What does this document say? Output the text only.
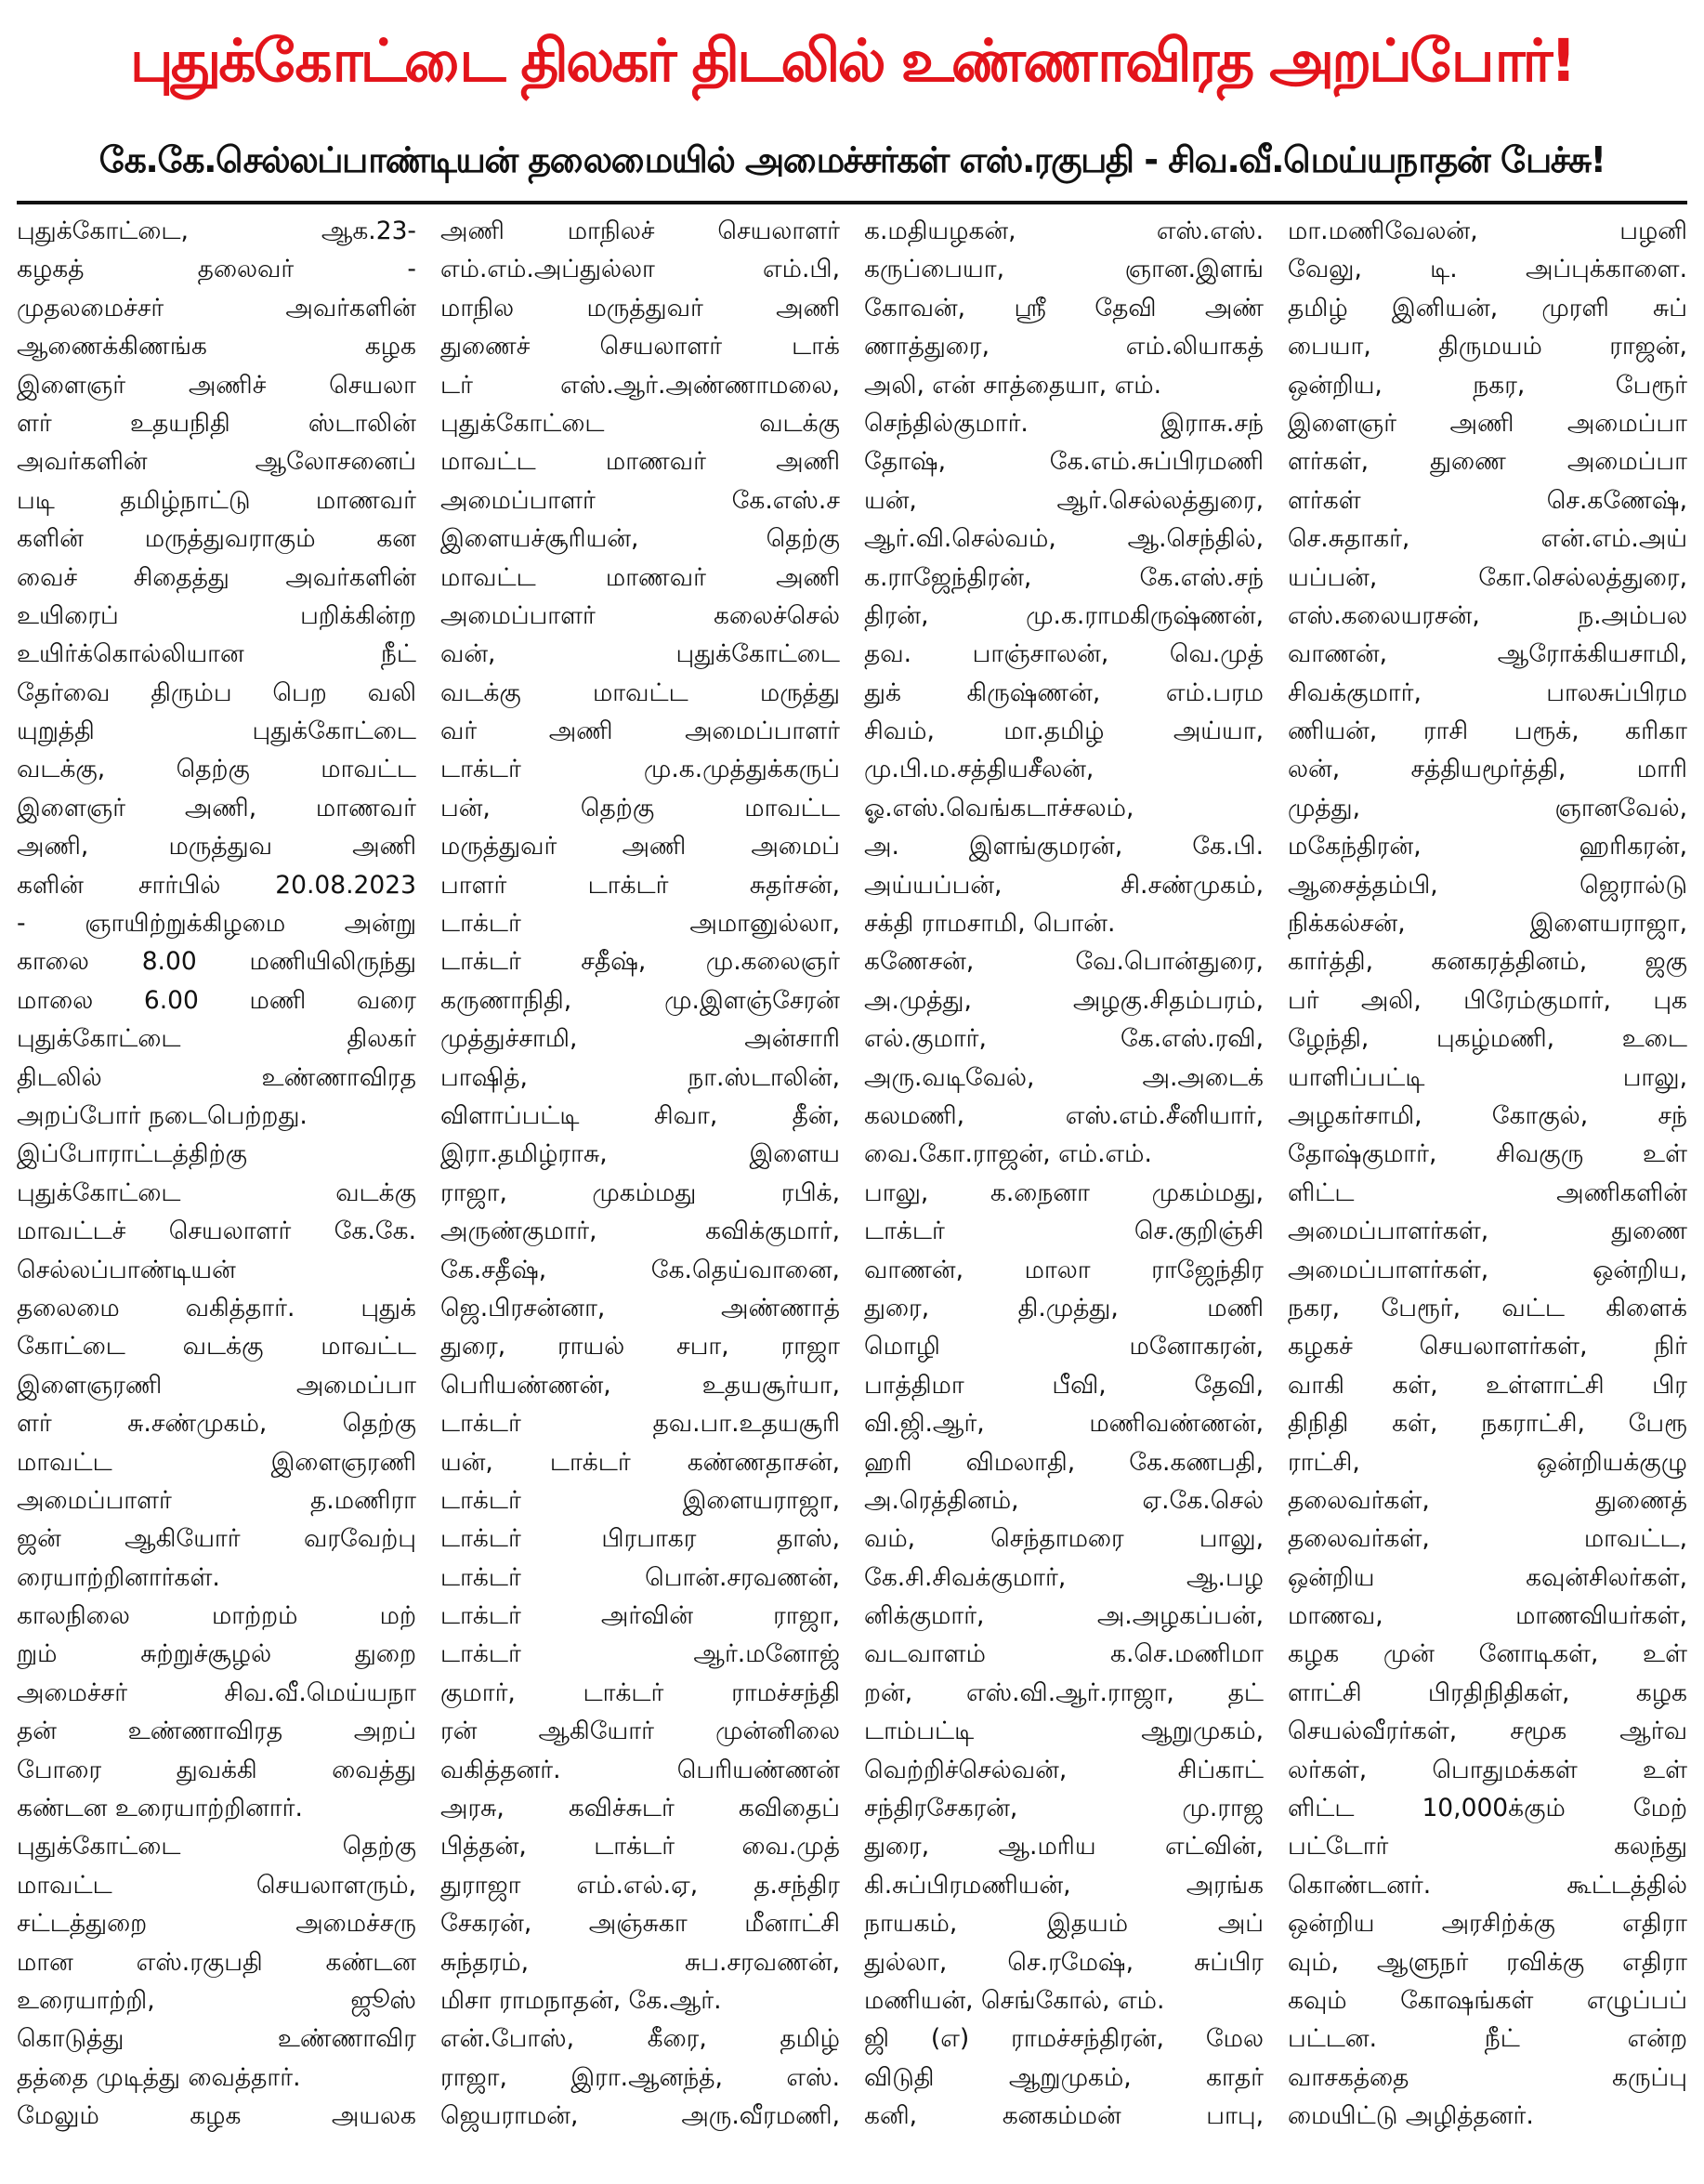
புதுக்கோட்டை திலகர் திடலில் உண்ணாவிரத அறப்போர்!
கே.கே.செல்லப்பாண்டியன் தலைமையில் அமைச்சர்கள் எஸ்.ரகுபதி - சிவ.வீ.மெய்யநாதன் பேச்சு!
புதுக்கோட்டை, ஆக.23-
கழகத் தலைவர் -
முதலமைச்சர் அவர்களின்
ஆணைக்கிணங்க கழக
இளைஞர் அணிச் செயலா
ளர் உதயநிதி ஸ்டாலின்
அவர்களின் ஆலோசனைப்
படி தமிழ்நாட்டு மாணவர்
களின் மருத்துவராகும் கன
வைச் சிதைத்து அவர்களின்
உயிரைப் பறிக்கின்ற
உயிர்க்கொல்லியான நீட்
தேர்வை திரும்ப பெற வலி
யுறுத்தி புதுக்கோட்டை
வடக்கு, தெற்கு மாவட்ட
இளைஞர் அணி, மாணவர்
அணி, மருத்துவ அணி
களின் சார்பில் 20.08.2023
- ஞாயிற்றுக்கிழமை அன்று
காலை 8.00 மணியிலிருந்து
மாலை 6.00 மணி வரை
புதுக்கோட்டை திலகர்
திடலில் உண்ணாவிரத
அறப்போர் நடைபெற்றது.
இப்போராட்டத்திற்கு
புதுக்கோட்டை வடக்கு
மாவட்டச் செயலாளர் கே.கே.
செல்லப்பாண்டியன்
தலைமை வகித்தார். புதுக்
கோட்டை வடக்கு மாவட்ட
இளைஞரணி அமைப்பா
ளர் சு.சண்முகம், தெற்கு
மாவட்ட இளைஞரணி
அமைப்பாளர் த.மணிரா
ஜன் ஆகியோர் வரவேற்பு
ரையாற்றினார்கள்.
காலநிலை மாற்றம் மற்
றும் சுற்றுச்சூழல் துறை
அமைச்சர் சிவ.வீ.மெய்யநா
தன் உண்ணாவிரத அறப்
போரை துவக்கி வைத்து
கண்டன உரையாற்றினார்.
புதுக்கோட்டை தெற்கு
மாவட்ட செயலாளரும்,
சட்டத்துறை அமைச்சரு
மான எஸ்.ரகுபதி கண்டன
உரையாற்றி, ஜூஸ்
கொடுத்து உண்ணாவிர
தத்தை முடித்து வைத்தார்.
மேலும் கழக அயலக
அணி மாநிலச் செயலாளர்
எம்.எம்.அப்துல்லா எம்.பி,
மாநில மருத்துவர் அணி
துணைச் செயலாளர் டாக்
டர் எஸ்.ஆர்.அண்ணாமலை,
புதுக்கோட்டை வடக்கு
மாவட்ட மாணவர் அணி
அமைப்பாளர் கே.எஸ்.ச
இளையச்சூரியன், தெற்கு
மாவட்ட மாணவர் அணி
அமைப்பாளர் கலைச்செல்
வன், புதுக்கோட்டை
வடக்கு மாவட்ட மருத்து
வர் அணி அமைப்பாளர்
டாக்டர் மு.க.முத்துக்கருப்
பன், தெற்கு மாவட்ட
மருத்துவர் அணி அமைப்
பாளர் டாக்டர் சுதர்சன்,
டாக்டர் அமானுல்லா,
டாக்டர் சதீஷ், மு.கலைஞர்
கருணாநிதி, மு.இளஞ்சேரன்
முத்துச்சாமி, அன்சாரி
பாஷித், நா.ஸ்டாலின்,
விளாப்பட்டி சிவா, தீன்,
இரா.தமிழ்ராசு, இளைய
ராஜா, முகம்மது ரபிக்,
அருண்குமார், கவிக்குமார்,
கே.சதீஷ், கே.தெய்வானை,
ஜெ.பிரசன்னா, அண்ணாத்
துரை, ராயல் சபா, ராஜா
பெரியண்ணன், உதயசூர்யா,
டாக்டர் தவ.பா.உதயசூரி
யன், டாக்டர் கண்ணதாசன்,
டாக்டர் இளையராஜா,
டாக்டர் பிரபாகர தாஸ்,
டாக்டர் பொன்.சரவணன்,
டாக்டர் அர்வின் ராஜா,
டாக்டர் ஆர்.மனோஜ்
குமார், டாக்டர் ராமச்சந்தி
ரன் ஆகியோர் முன்னிலை
வகித்தனர். பெரியண்ணன்
அரசு, கவிச்சுடர் கவிதைப்
பித்தன், டாக்டர் வை.முத்
துராஜா எம்.எல்.ஏ, த.சந்திர
சேகரன், அஞ்சுகா மீனாட்சி
சுந்தரம், சுப.சரவணன்,
மிசா ராமநாதன், கே.ஆர்.
என்.போஸ், கீரை, தமிழ்
ராஜா, இரா.ஆனந்த், எஸ்.
ஜெயராமன், அரு.வீரமணி,
க.மதியழகன், எஸ்.எஸ்.
கருப்பையா, ஞான.இளங்
கோவன், ஸ்ரீ தேவி அண்
ணாத்துரை, எம்.லியாகத்
அலி, என் சாத்தையா, எம்.
செந்தில்குமார். இராசு.சந்
தோஷ், கே.எம்.சுப்பிரமணி
யன், ஆர்.செல்லத்துரை,
ஆர்.வி.செல்வம், ஆ.செந்தில்,
க.ராஜேந்திரன், கே.எஸ்.சந்
திரன், மு.க.ராமகிருஷ்ணன்,
தவ. பாஞ்சாலன், வெ.முத்
துக் கிருஷ்ணன், எம்.பரம
சிவம், மா.தமிழ் அய்யா,
மு.பி.ம.சத்தியசீலன்,
ஓ.எஸ்.வெங்கடாச்சலம்,
அ. இளங்குமரன், கே.பி.
அய்யப்பன், சி.சண்முகம்,
சக்தி ராமசாமி, பொன்.
கணேசன், வே.பொன்துரை,
அ.முத்து, அழகு.சிதம்பரம்,
எல்.குமார், கே.எஸ்.ரவி,
அரு.வடிவேல், அ.அடைக்
கலமணி, எஸ்.எம்.சீனியார்,
வை.கோ.ராஜன், எம்.எம்.
பாலு, க.நைனா முகம்மது,
டாக்டர் செ.குறிஞ்சி
வாணன், மாலா ராஜேந்திர
துரை, தி.முத்து, மணி
மொழி மனோகரன்,
பாத்திமா பீவி, தேவி,
வி.ஜி.ஆர், மணிவண்ணன்,
ஹரி விமலாதி, கே.கணபதி,
அ.ரெத்தினம், ஏ.கே.செல்
வம், செந்தாமரை பாலு,
கே.சி.சிவக்குமார், ஆ.பழ
னிக்குமார், அ.அழகப்பன்,
வடவாளம் க.செ.மணிமா
றன், எஸ்.வி.ஆர்.ராஜா, தட்
டாம்பட்டி ஆறுமுகம்,
வெற்றிச்செல்வன், சிப்காட்
சந்திரசேகரன், மு.ராஜ
துரை, ஆ.மரிய எட்வின்,
கி.சுப்பிரமணியன், அரங்க
நாயகம், இதயம் அப்
துல்லா, செ.ரமேஷ், சுப்பிர
மணியன், செங்கோல், எம்.
ஜி (எ) ராமச்சந்திரன், மேல
விடுதி ஆறுமுகம், காதர்
கனி, கனகம்மன் பாபு,
மா.மணிவேலன், பழனி
வேலு, டி. அப்புக்காளை.
தமிழ் இனியன், முரளி சுப்
பையா, திருமயம் ராஜன்,
ஒன்றிய, நகர, பேரூர்
இளைஞர் அணி அமைப்பா
ளர்கள், துணை அமைப்பா
ளர்கள் செ.கணேஷ்,
செ.சுதாகர், என்.எம்.அய்
யப்பன், கோ.செல்லத்துரை,
எஸ்.கலையரசன், ந.அம்பல
வாணன், ஆரோக்கியசாமி,
சிவக்குமார், பாலசுப்பிரம
ணியன், ராசி பரூக், கரிகா
லன், சத்தியமூர்த்தி, மாரி
முத்து, ஞானவேல்,
மகேந்திரன், ஹரிகரன்,
ஆசைத்தம்பி, ஜெரால்டு
நிக்கல்சன், இளையராஜா,
கார்த்தி, கனகரத்தினம், ஜகு
பர் அலி, பிரேம்குமார், புக
ழேந்தி, புகழ்மணி, உடை
யாளிப்பட்டி பாலு,
அழகர்சாமி, கோகுல், சந்
தோஷ்குமார், சிவகுரு உள்
ளிட்ட அணிகளின்
அமைப்பாளர்கள், துணை
அமைப்பாளர்கள், ஒன்றிய,
நகர, பேரூர், வட்ட கிளைக்
கழகச் செயலாளர்கள், நிர்
வாகி கள், உள்ளாட்சி பிர
திநிதி கள், நகராட்சி, பேரூ
ராட்சி, ஒன்றியக்குழு
தலைவர்கள், துணைத்
தலைவர்கள், மாவட்ட,
ஒன்றிய கவுன்சிலர்கள்,
மாணவ, மாணவியர்கள்,
கழக முன் னோடிகள், உள்
ளாட்சி பிரதிநிதிகள், கழக
செயல்வீரர்கள், சமூக ஆர்வ
லர்கள், பொதுமக்கள் உள்
ளிட்ட 10,000க்கும் மேற்
பட்டோர் கலந்து
கொண்டனர். கூட்டத்தில்
ஒன்றிய அரசிற்க்கு எதிரா
வும், ஆளுநர் ரவிக்கு எதிரா
கவும் கோஷங்கள் எழுப்பப்
பட்டன. நீட் என்ற
வாசகத்தை கருப்பு
மையிட்டு அழித்தனர்.
